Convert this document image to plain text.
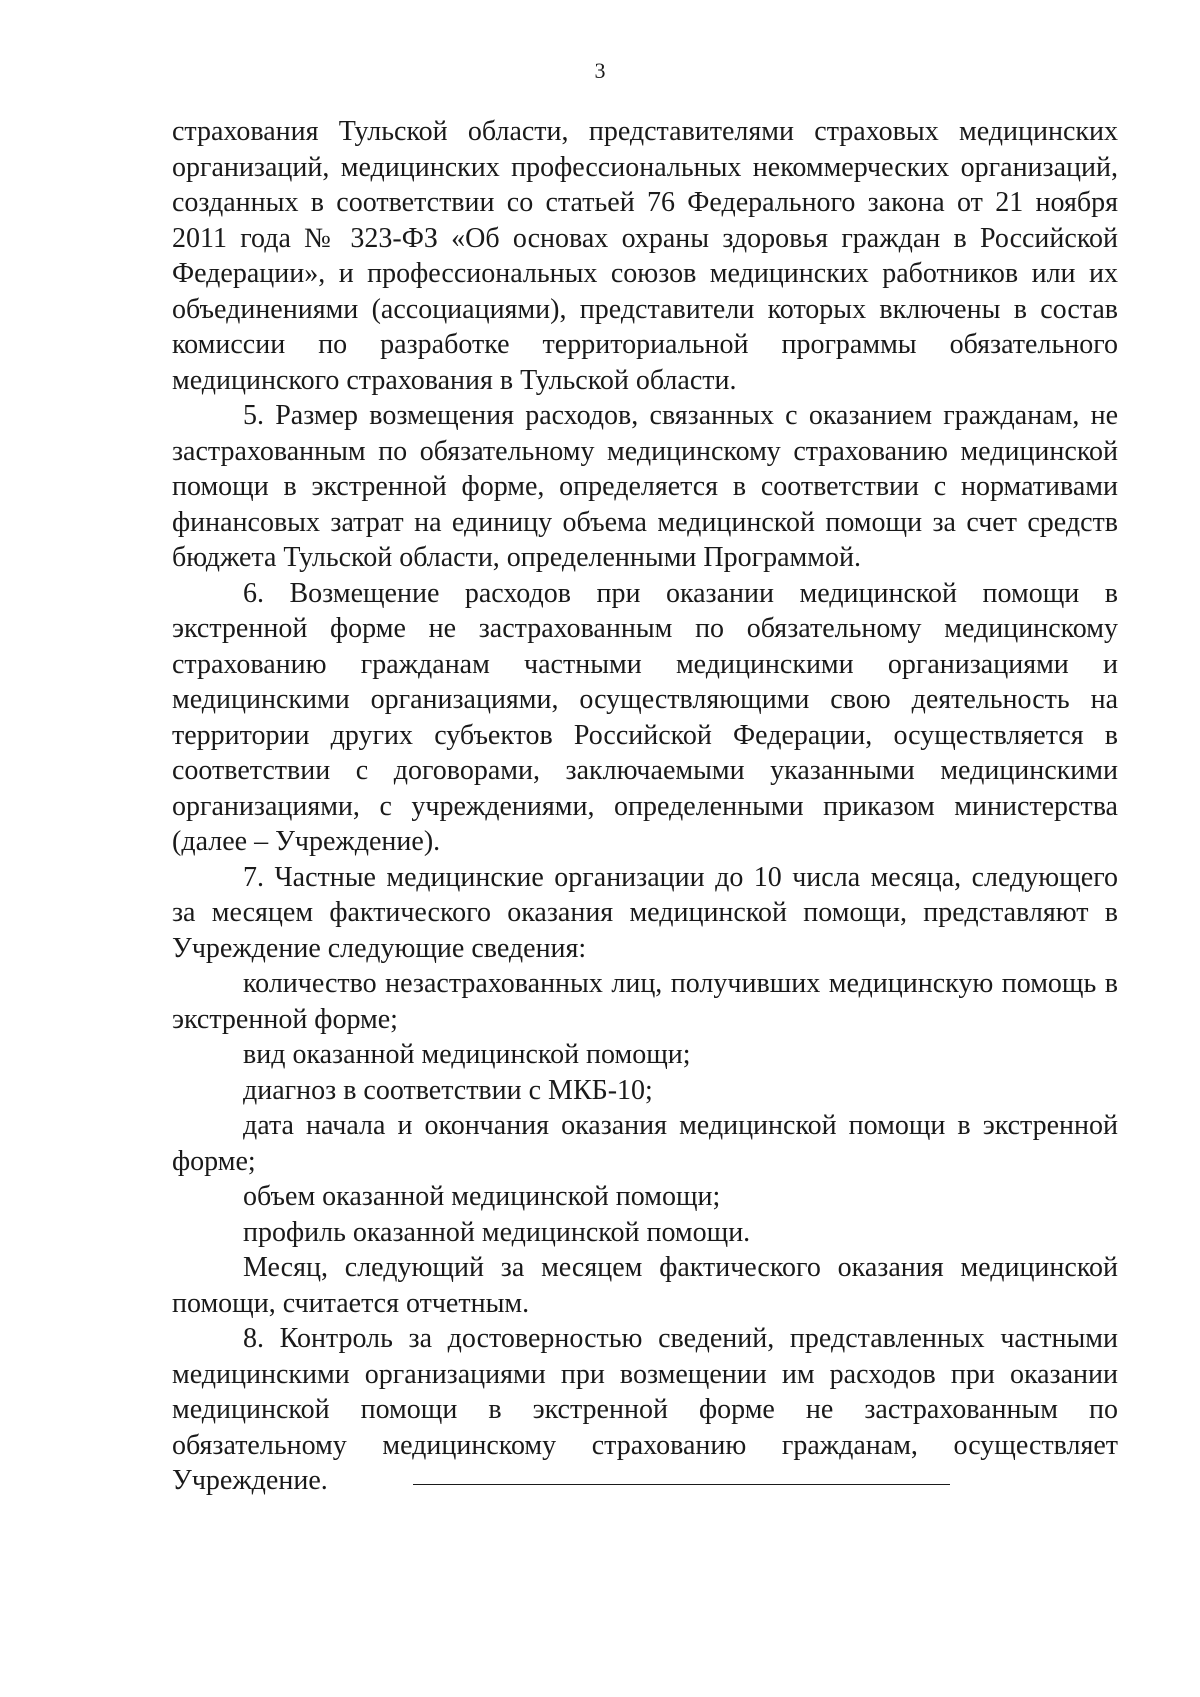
3

страхования Тульской области, представителями страховых медицинских организаций, медицинских профессиональных некоммерческих организаций, созданных в соответствии со статьей 76 Федерального закона от 21 ноября 2011 года № 323-ФЗ «Об основах охраны здоровья граждан в Российской Федерации», и профессиональных союзов медицинских работников или их объединениями (ассоциациями), представители которых включены в состав комиссии по разработке территориальной программы обязательного медицинского страхования в Тульской области.

5. Размер возмещения расходов, связанных с оказанием гражданам, не застрахованным по обязательному медицинскому страхованию медицинской помощи в экстренной форме, определяется в соответствии с нормативами финансовых затрат на единицу объема медицинской помощи за счет средств бюджета Тульской области, определенными Программой.

6. Возмещение расходов при оказании медицинской помощи в экстренной форме не застрахованным по обязательному медицинскому страхованию гражданам частными медицинскими организациями и медицинскими организациями, осуществляющими свою деятельность на территории других субъектов Российской Федерации, осуществляется в соответствии с договорами, заключаемыми указанными медицинскими организациями, с учреждениями, определенными приказом министерства (далее – Учреждение).

7. Частные медицинские организации до 10 числа месяца, следующего за месяцем фактического оказания медицинской помощи, представляют в Учреждение следующие сведения:

количество незастрахованных лиц, получивших медицинскую помощь в экстренной форме;

вид оказанной медицинской помощи;

диагноз в соответствии с МКБ-10;

дата начала и окончания оказания медицинской помощи в экстренной форме;

объем оказанной медицинской помощи;

профиль оказанной медицинской помощи.

Месяц, следующий за месяцем фактического оказания медицинской помощи, считается отчетным.

8. Контроль за достоверностью сведений, представленных частными медицинскими организациями при возмещении им расходов при оказании медицинской помощи в экстренной форме не застрахованным по обязательному медицинскому страхованию гражданам, осуществляет Учреждение.
